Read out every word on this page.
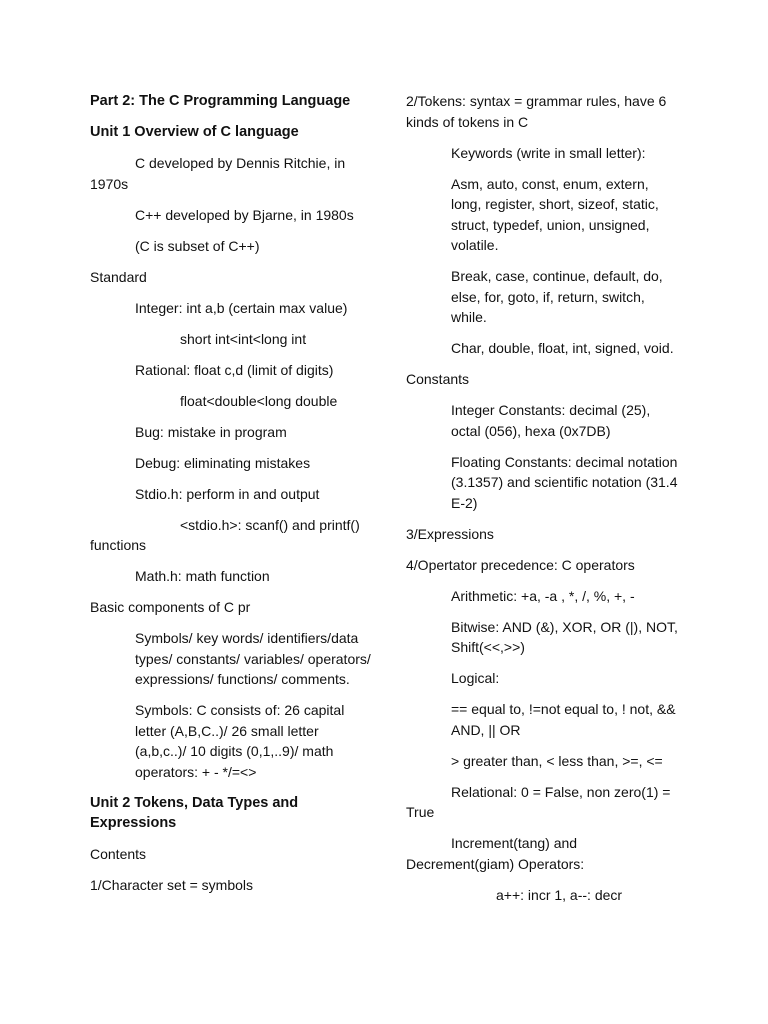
Part 2: The C Programming Language

Unit 1 Overview of C language

C developed by Dennis Ritchie, in 1970s

C++ developed by Bjarne, in 1980s

(C is subset of C++)

Standard

Integer: int a,b (certain max value)

short int<int<long int

Rational: float c,d (limit of digits)

float<double<long double

Bug: mistake in program

Debug: eliminating mistakes

Stdio.h: perform in and output

<stdio.h>: scanf() and printf() functions

Math.h: math function

Basic components of C pr

Symbols/ key words/ identifiers/data types/ constants/ variables/ operators/ expressions/ functions/ comments.

Symbols: C consists of: 26 capital letter (A,B,C..)/ 26 small letter (a,b,c..)/ 10 digits (0,1,..9)/ math operators: + - */=<>

Unit 2 Tokens, Data Types and Expressions

Contents

1/Character set = symbols

2/Tokens: syntax = grammar rules, have 6 kinds of tokens in C

Keywords (write in small letter):

Asm, auto, const, enum, extern, long, register, short, sizeof, static, struct, typedef, union, unsigned, volatile.

Break, case, continue, default, do, else, for, goto, if, return, switch, while.

Char, double, float, int, signed, void.

Constants

Integer Constants: decimal (25), octal (056), hexa (0x7DB)

Floating Constants: decimal notation (3.1357) and scientific notation (31.4 E-2)

3/Expressions

4/Opertator precedence: C operators

Arithmetic: +a, -a , *, /, %, +, -

Bitwise: AND (&), XOR, OR (|), NOT, Shift(<<,>>)

Logical:

== equal to, !=not equal to, ! not, && AND, || OR

> greater than, < less than, >=, <=

Relational: 0 = False, non zero(1) = True

Increment(tang) and Decrement(giam) Operators:

a++: incr 1, a--: decr
